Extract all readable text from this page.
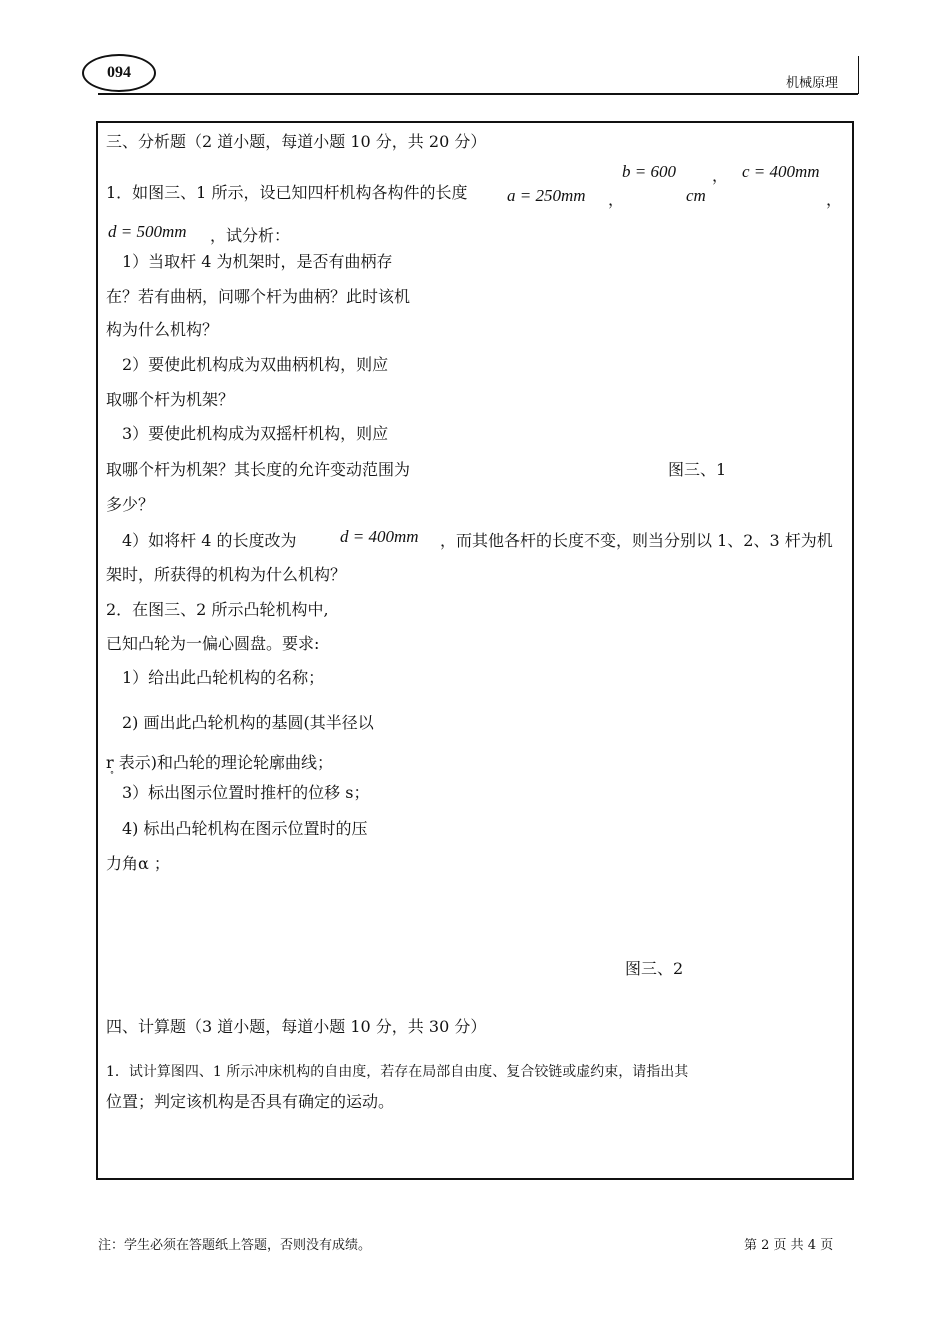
094
机械原理
三、分析题（2 道小题，每道小题 10 分，共 20 分）
b = 600 ， c = 400mm
1．如图三、1 所示，设已知四杆机构各构件的长度	a = 250mm ，	cm	，
d = 500mm ，试分析：
1）当取杆 4 为机架时，是否有曲柄存
在？若有曲柄，问哪个杆为曲柄？此时该机
构为什么机构？
2）要使此机构成为双曲柄机构，则应
取哪个杆为机架？
3）要使此机构成为双摇杆机构，则应
取哪个杆为机架？其长度的允许变动范围为	图三、1
多少？
4）如将杆 4 的长度改为	d = 400mm ，而其他各杆的长度不变，则当分别以 1、2、3 杆为机
架时，所获得的机构为什么机构？
2．在图三、2 所示凸轮机构中,
已知凸轮为一偏心圆盘。要求:
1）给出此凸轮机构的名称；
2) 画出此凸轮机构的基圆(其半径以
r 表示)和凸轮的理论轮廓曲线；
°
3）标出图示位置时推杆的位移 s；
4) 标出凸轮机构在图示位置时的压
力角α ；
图三、2
四、计算题（3 道小题，每道小题 10 分，共 30 分）
1．试计算图四、1 所示冲床机构的自由度，若存在局部自由度、复合铰链或虚约束，请指出其
位置；判定该机构是否具有确定的运动。
注：学生必须在答题纸上答题，否则没有成绩。	第 2 页 共 4 页
